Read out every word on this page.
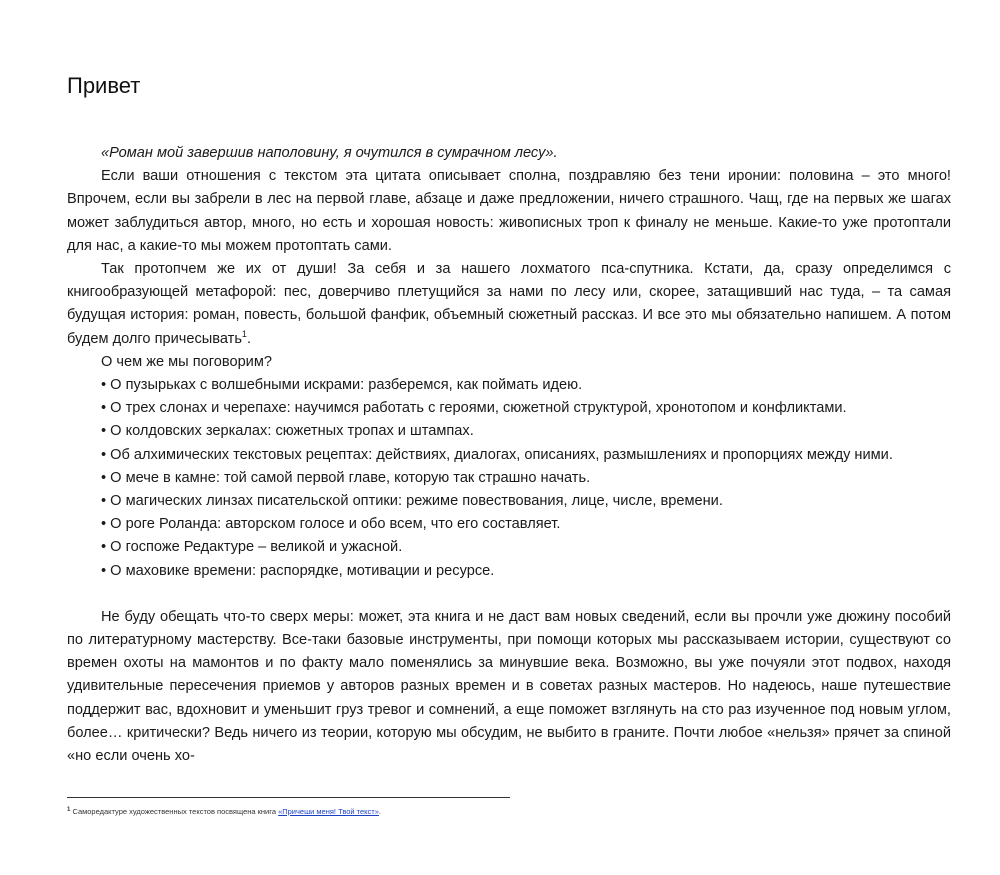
Привет

«Роман мой завершив наполовину, я очутился в сумрачном лесу».

Если ваши отношения с текстом эта цитата описывает сполна, поздравляю без тени иронии: половина – это много! Впрочем, если вы забрели в лес на первой главе, абзаце и даже предложении, ничего страшного. Чащ, где на первых же шагах может заблудиться автор, много, но есть и хорошая новость: живописных троп к финалу не меньше. Какие-то уже протоптали для нас, а какие-то мы можем протоптать сами.

Так протопчем же их от души! За себя и за нашего лохматого пса-спутника. Кстати, да, сразу определимся с книгообразующей метафорой: пес, доверчиво плетущийся за нами по лесу или, скорее, затащивший нас туда, – та самая будущая история: роман, повесть, большой фанфик, объемный сюжетный рассказ. И все это мы обязательно напишем. А потом будем долго причесывать$^1$.

О чем же мы поговорим?

• О пузырьках с волшебными искрами: разберемся, как поймать идею.

• О трех слонах и черепахе: научимся работать с героями, сюжетной структурой, хронотопом и конфликтами.

• О колдовских зеркалах: сюжетных тропах и штампах.

• Об алхимических текстовых рецептах: действиях, диалогах, описаниях, размышлениях и пропорциях между ними.

• О мече в камне: той самой первой главе, которую так страшно начать.

• О магических линзах писательской оптики: режиме повествования, лице, числе, времени.

• О роге Роланда: авторском голосе и обо всем, что его составляет.

• О госпоже Редактуре – великой и ужасной.

• О маховике времени: распорядке, мотивации и ресурсе.

Не буду обещать что-то сверх меры: может, эта книга и не даст вам новых сведений, если вы прочли уже дюжину пособий по литературному мастерству. Все-таки базовые инструменты, при помощи которых мы рассказываем истории, существуют со времен охоты на мамонтов и по факту мало поменялись за минувшие века. Возможно, вы уже почуяли этот подвох, находя удивительные пересечения приемов у авторов разных времен и в советах разных мастеров. Но надеюсь, наше путешествие поддержит вас, вдохновит и уменьшит груз тревог и сомнений, а еще поможет взглянуть на сто раз изученное под новым углом, более… критически? Ведь ничего из теории, которую мы обсудим, не выбито в граните. Почти любое «нельзя» прячет за спиной «но если очень хо-

$^1$ Саморедактуре художественных текстов посвящена книга «Причеши меня! Твой текст».
